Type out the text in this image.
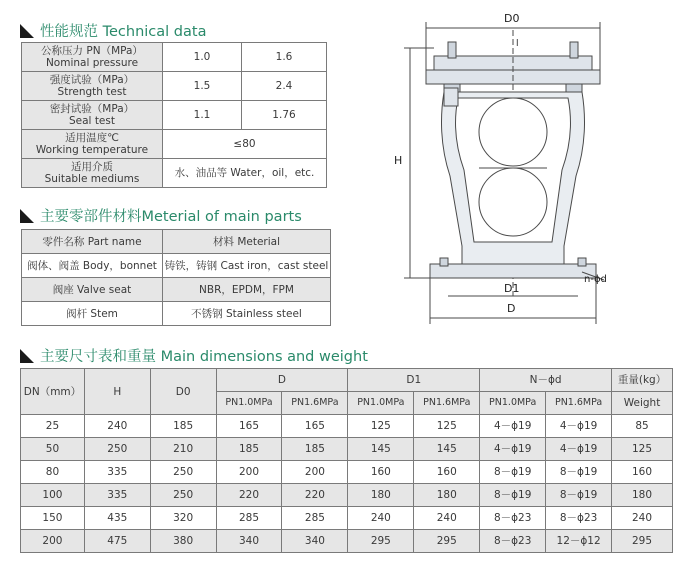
性能规范 Technical data
公称压力 PN（MPa）
Nominal pressure	1.0	1.6
强度试验（MPa）
Strength test	1.5	2.4
密封试验（MPa）
Seal test	1.1	1.76
适用温度℃
Working temperature	≤80	
适用介质
Suitable mediums	水、油品等 Water，oil，etc.	
主要零部件材料Meterial of main parts
零件名称 Part name	材料 Meterial
阀体、阀盖 Body，bonnet	铸铁，铸钢 Cast iron，cast steel
阀座 Valve seat	NBR，EPDM，FPM
阀杆 Stem	不锈钢 Stainless steel
主要尺寸表和重量 Main dimensions and weight
DN（mm）	H	D0	D		D1		N－ϕd		重量(kg）
			PN1.0MPa	PN1.6MPa	PN1.0MPa	PN1.6MPa	PN1.0MPa	PN1.6MPa	Weight
25	240	185	165	165	125	125	4－ϕ19	4－ϕ19	85
50	250	210	185	185	145	145	4－ϕ19	4－ϕ19	125
80	335	250	200	200	160	160	8－ϕ19	8－ϕ19	160
100	335	250	220	220	180	180	8－ϕ19	8－ϕ19	180
150	435	320	285	285	240	240	8－ϕ23	8－ϕ23	240
200	475	380	340	340	295	295	8－ϕ23	12－ϕ12	295
D0
l
H
D1
D
n-ϕd
